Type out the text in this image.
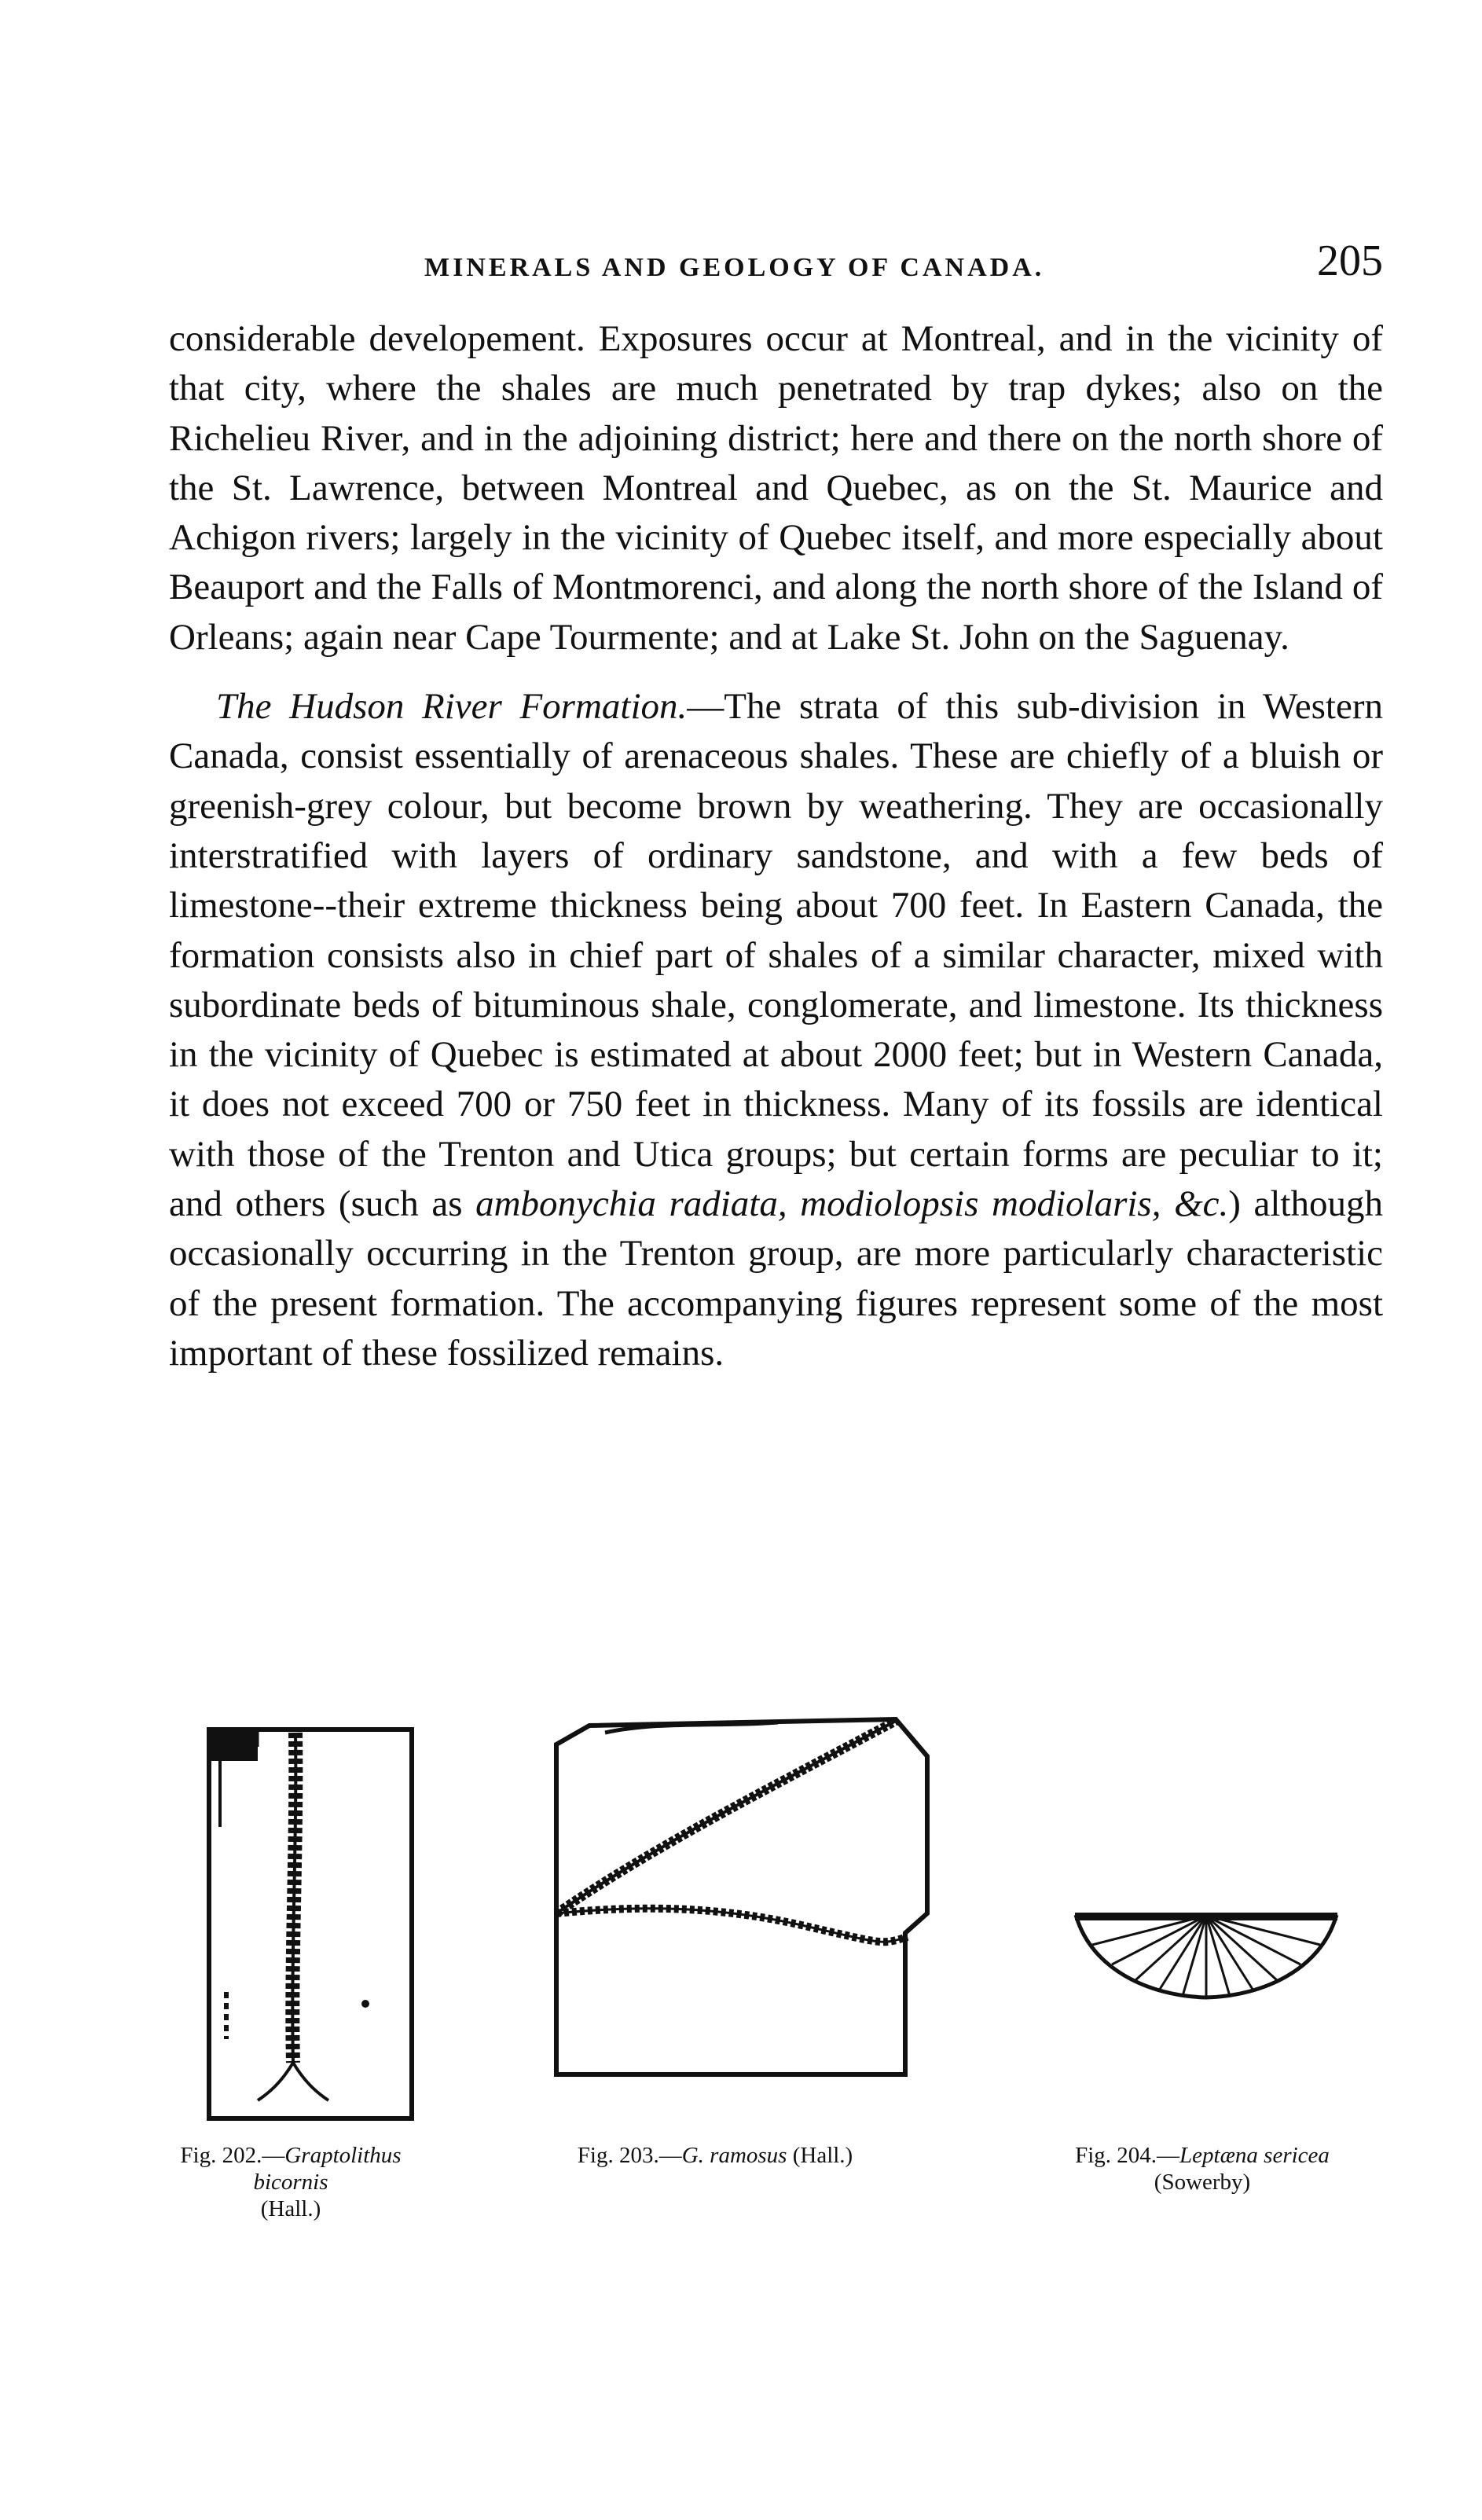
MINERALS AND GEOLOGY OF CANADA.	205

considerable developement. Exposures occur at Montreal, and in the vicinity of that city, where the shales are much penetrated by trap dykes; also on the Richelieu River, and in the adjoining district; here and there on the north shore of the St. Lawrence, between Montreal and Quebec, as on the St. Maurice and Achigon rivers; largely in the vicinity of Quebec itself, and more especially about Beauport and the Falls of Montmorenci, and along the north shore of the Island of Orleans; again near Cape Tourmente; and at Lake St. John on the Saguenay.

The Hudson River Formation.—The strata of this sub-division in Western Canada, consist essentially of arenaceous shales. These are chiefly of a bluish or greenish-grey colour, but become brown by weathering. They are occasionally interstratified with layers of ordinary sandstone, and with a few beds of limestone--their extreme thickness being about 700 feet. In Eastern Canada, the formation consists also in chief part of shales of a similar character, mixed with subordinate beds of bituminous shale, conglomerate, and limestone. Its thickness in the vicinity of Quebec is estimated at about 2000 feet; but in Western Canada, it does not exceed 700 or 750 feet in thickness. Many of its fossils are identical with those of the Trenton and Utica groups; but certain forms are peculiar to it; and others (such as ambonychia radiata, modiolopsis modiolaris, &c.) although occasionally occurring in the Trenton group, are more particularly characteristic of the present formation. The accompanying figures represent some of the most important of these fossilized remains.

Fig. 202.—Graptolithus bicornis
(Hall.)
Fig. 203.—G. ramosus (Hall.)	Fig. 204.—Leptæna sericea
(Sowerby)
